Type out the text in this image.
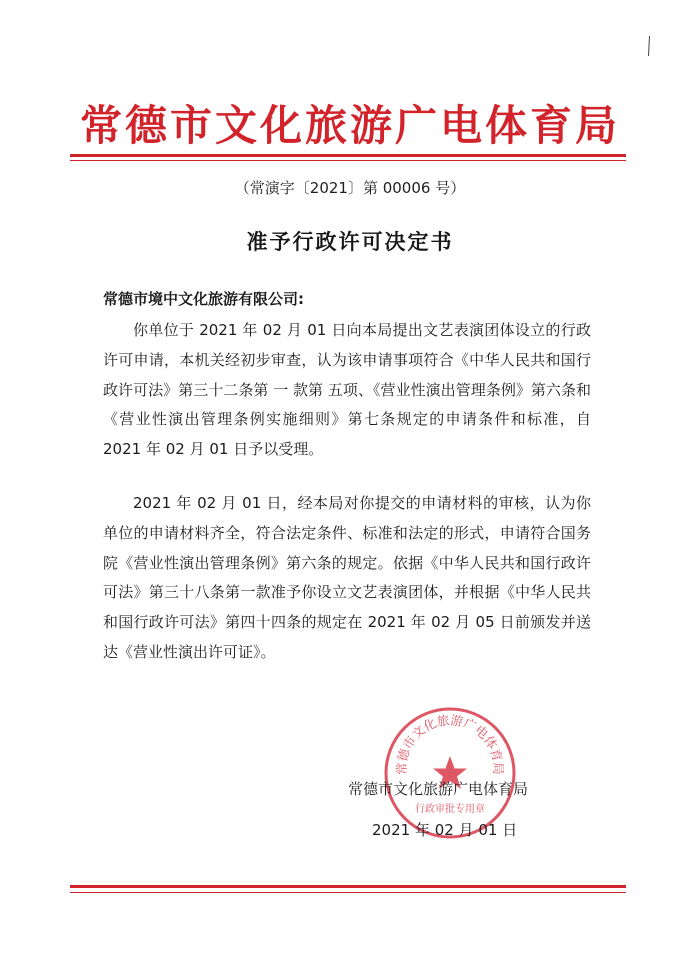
常德市文化旅游广电体育局
（常演字〔2021〕第 00006 号）
准予行政许可决定书
常德市境中文化旅游有限公司:
你单位于 2021 年 02 月 01 日向本局提出文艺表演团体设立的行政许可申请，本机关经初步审查，认为该申请事项符合《中华人民共和国行政许可法》第三十二条第 一 款第 五项、《营业性演出管理条例》第六条和《营业性演出管理条例实施细则》第七条规定的申请条件和标准，自 2021 年 02 月 01 日予以受理。
2021 年 02 月 01 日，经本局对你提交的申请材料的审核，认为你单位的申请材料齐全，符合法定条件、标准和法定的形式，申请符合国务院《营业性演出管理条例》第六条的规定。依据《中华人民共和国行政许可法》第三十八条第一款准予你设立文艺表演团体，并根据《中华人民共和国行政许可法》第四十四条的规定在 2021 年 02 月 05 日前颁发并送达《营业性演出许可证》。
常德市文化旅游广电体育局
行政审批专用章
常德市文化旅游广电体育局
2021 年 02 月 01 日
